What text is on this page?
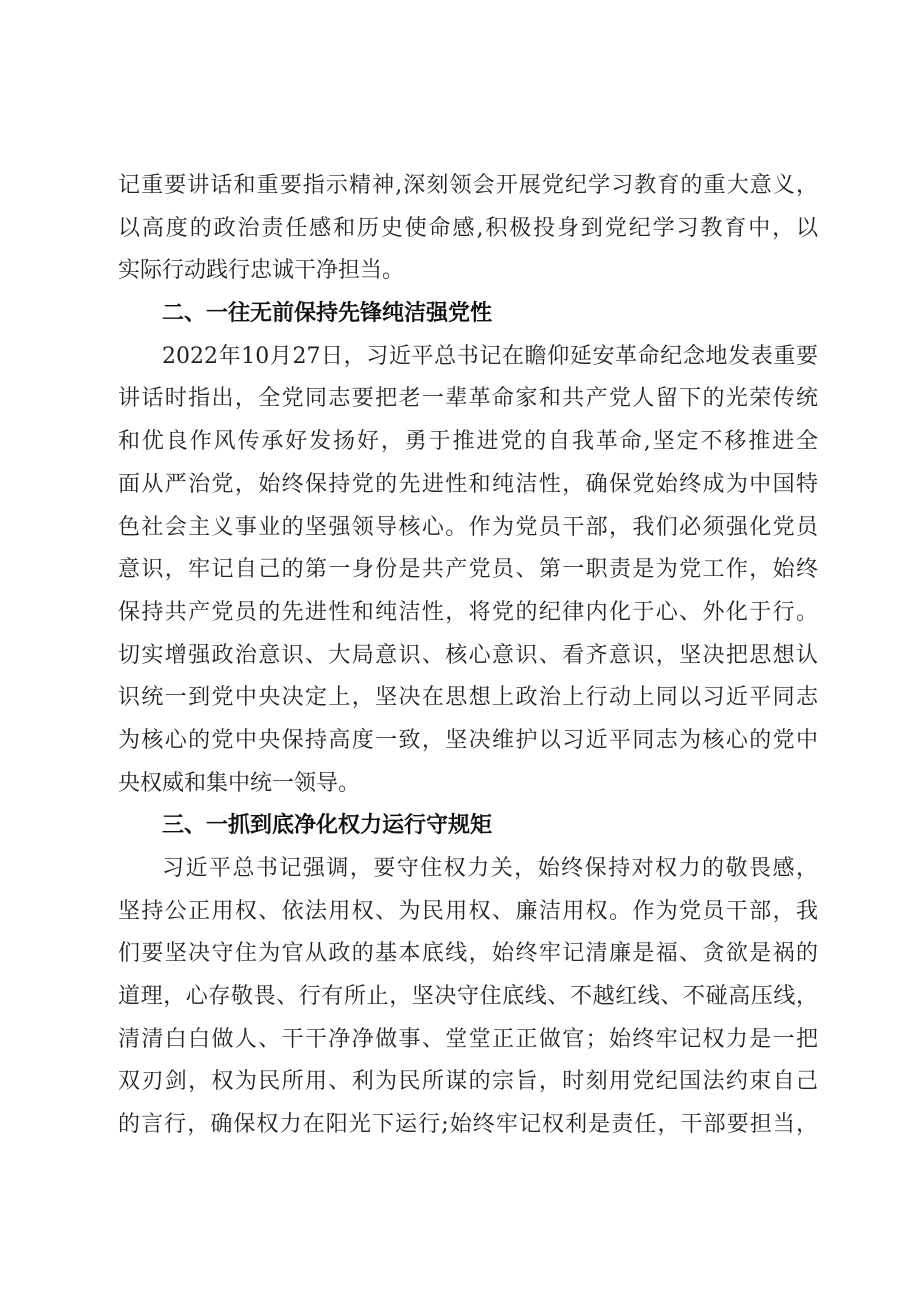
记重要讲话和重要指示精神,深刻领会开展党纪学习教育的重大意义，
以高度的政治责任感和历史使命感,积极投身到党纪学习教育中，以
实际行动践行忠诚干净担当。
二、一往无前保持先锋纯洁强党性
2022年10月27日，习近平总书记在瞻仰延安革命纪念地发表重要
讲话时指出，全党同志要把老一辈革命家和共产党人留下的光荣传统
和优良作风传承好发扬好，勇于推进党的自我革命,坚定不移推进全
面从严治党，始终保持党的先进性和纯洁性，确保党始终成为中国特
色社会主义事业的坚强领导核心。作为党员干部，我们必须强化党员
意识，牢记自己的第一身份是共产党员、第一职责是为党工作，始终
保持共产党员的先进性和纯洁性，将党的纪律内化于心、外化于行。
切实增强政治意识、大局意识、核心意识、看齐意识，坚决把思想认
识统一到党中央决定上，坚决在思想上政治上行动上同以习近平同志
为核心的党中央保持高度一致，坚决维护以习近平同志为核心的党中
央权威和集中统一领导。
三、一抓到底净化权力运行守规矩
习近平总书记强调，要守住权力关，始终保持对权力的敬畏感，
坚持公正用权、依法用权、为民用权、廉洁用权。作为党员干部，我
们要坚决守住为官从政的基本底线，始终牢记清廉是福、贪欲是祸的
道理，心存敬畏、行有所止，坚决守住底线、不越红线、不碰高压线，
清清白白做人、干干净净做事、堂堂正正做官；始终牢记权力是一把
双刃剑，权为民所用、利为民所谋的宗旨，时刻用党纪国法约束自己
的言行，确保权力在阳光下运行;始终牢记权利是责任，干部要担当，
